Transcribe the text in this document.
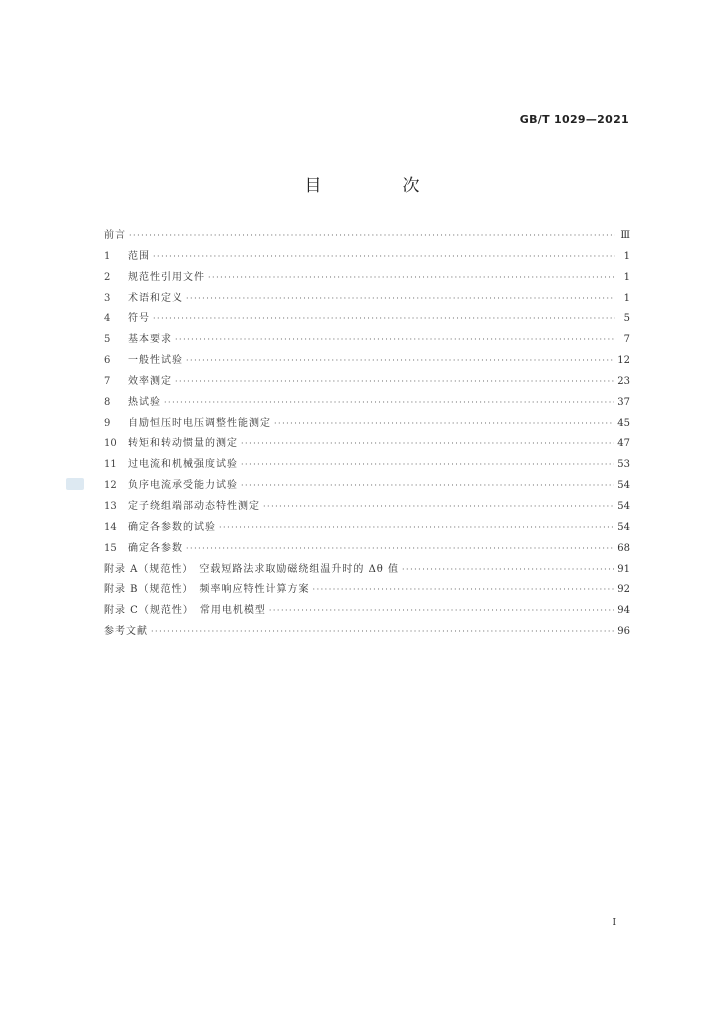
GB/T 1029—2021
目　次
前言 ·····	Ⅲ
1	范围 ·····	1
2	规范性引用文件 ·····	1
3	术语和定义 ·····	1
4	符号 ·····	5
5	基本要求 ·····	7
6	一般性试验 ·····	12
7	效率测定 ·····	23
8	热试验 ·····	37
9	自励恒压时电压调整性能测定 ·····	45
10	转矩和转动惯量的测定 ·····	47
11	过电流和机械强度试验 ·····	53
12	负序电流承受能力试验 ·····	54
13	定子绕组端部动态特性测定 ·····	54
14	确定各参数的试验 ·····	54
15	确定各参数 ·····	68
附录 A（规范性）　空载短路法求取励磁绕组温升时的 Δθ 值 ·····	91
附录 B（规范性）　频率响应特性计算方案 ·····	92
附录 C（规范性）　常用电机模型 ·····	94
参考文献 ·····	96
I
